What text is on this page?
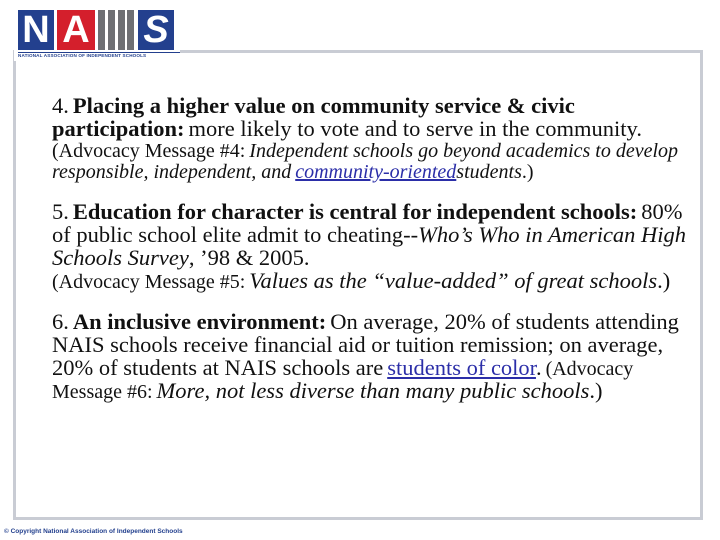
N A S
NATIONAL ASSOCIATION OF INDEPENDENT SCHOOLS

4. Placing a higher value on community service & civic participation: more likely to vote and to serve in the community. (Advocacy Message #4: Independent schools go beyond academics to develop responsible, independent, and community-orientedstudents.)

5. Education for character is central for independent schools: 80% of public school elite admit to cheating--Who’s Who in American High Schools Survey, ’98 & 2005.
(Advocacy Message #5: Values as the “value-added” of great schools.)

6. An inclusive environment: On average, 20% of students attending NAIS schools receive financial aid or tuition remission; on average, 20% of students at NAIS schools are students of color. (Advocacy Message #6: More, not less diverse than many public schools.)

© Copyright National Association of Independent Schools
